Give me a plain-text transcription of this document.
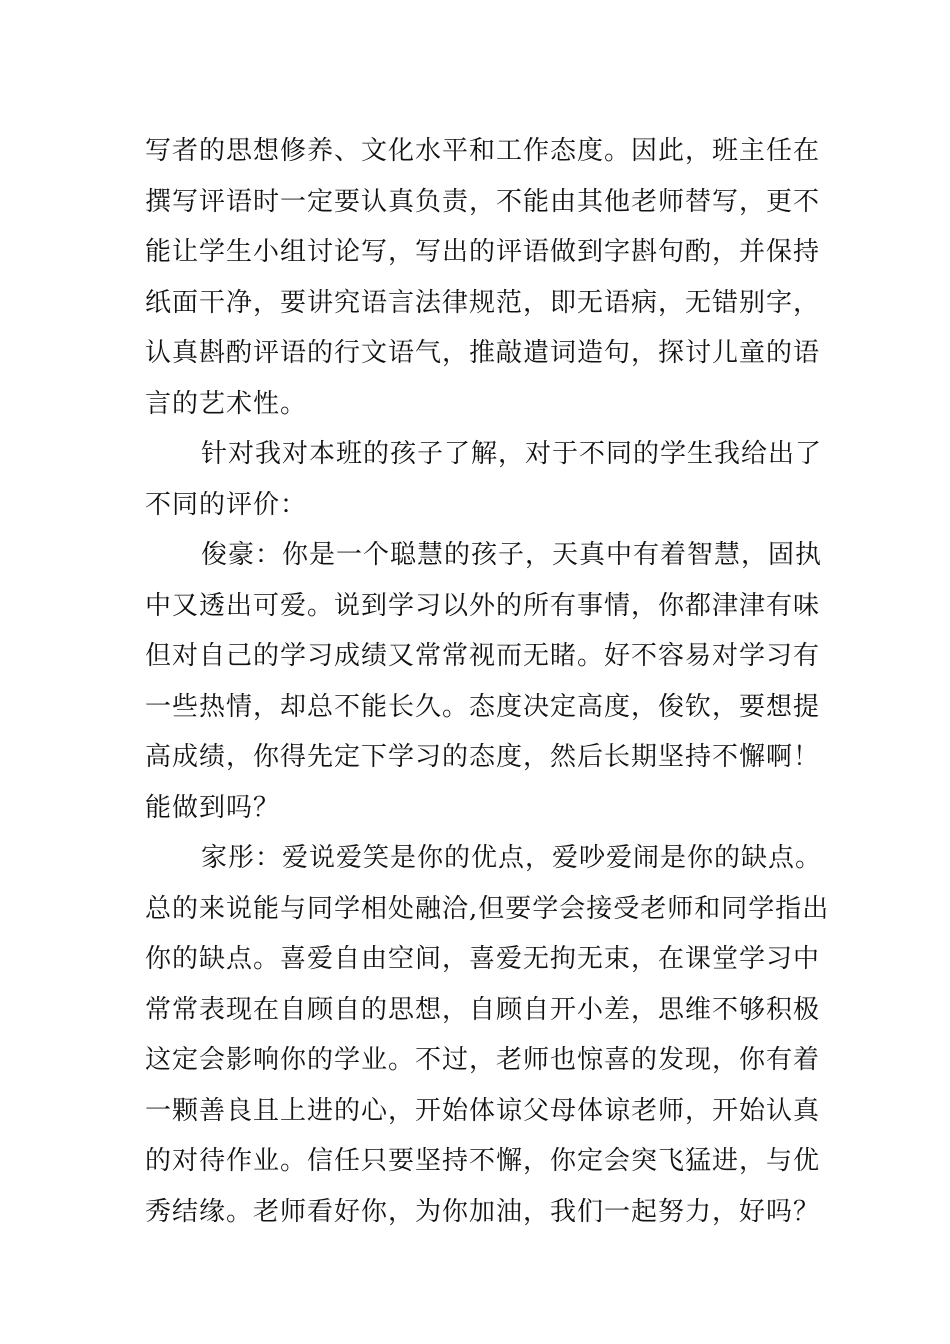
写者的思想修养、文化水平和工作态度。因此，班主任在
撰写评语时一定要认真负责，不能由其他老师替写，更不
能让学生小组讨论写，写出的评语做到字斟句酌，并保持
纸面干净，要讲究语言法律规范，即无语病，无错别字，
认真斟酌评语的行文语气，推敲遣词造句，探讨儿童的语
言的艺术性。
针对我对本班的孩子了解，对于不同的学生我给出了
不同的评价：
俊豪：你是一个聪慧的孩子，天真中有着智慧，固执
中又透出可爱。说到学习以外的所有事情，你都津津有味
但对自己的学习成绩又常常视而无睹。好不容易对学习有
一些热情，却总不能长久。态度决定高度，俊钦，要想提
高成绩，你得先定下学习的态度，然后长期坚持不懈啊！
能做到吗？
家彤：爱说爱笑是你的优点，爱吵爱闹是你的缺点。
总的来说能与同学相处融洽,但要学会接受老师和同学指出
你的缺点。喜爱自由空间，喜爱无拘无束，在课堂学习中
常常表现在自顾自的思想，自顾自开小差，思维不够积极
这定会影响你的学业。不过，老师也惊喜的发现，你有着
一颗善良且上进的心，开始体谅父母体谅老师，开始认真
的对待作业。信任只要坚持不懈，你定会突飞猛进，与优
秀结缘。老师看好你，为你加油，我们一起努力，好吗？
